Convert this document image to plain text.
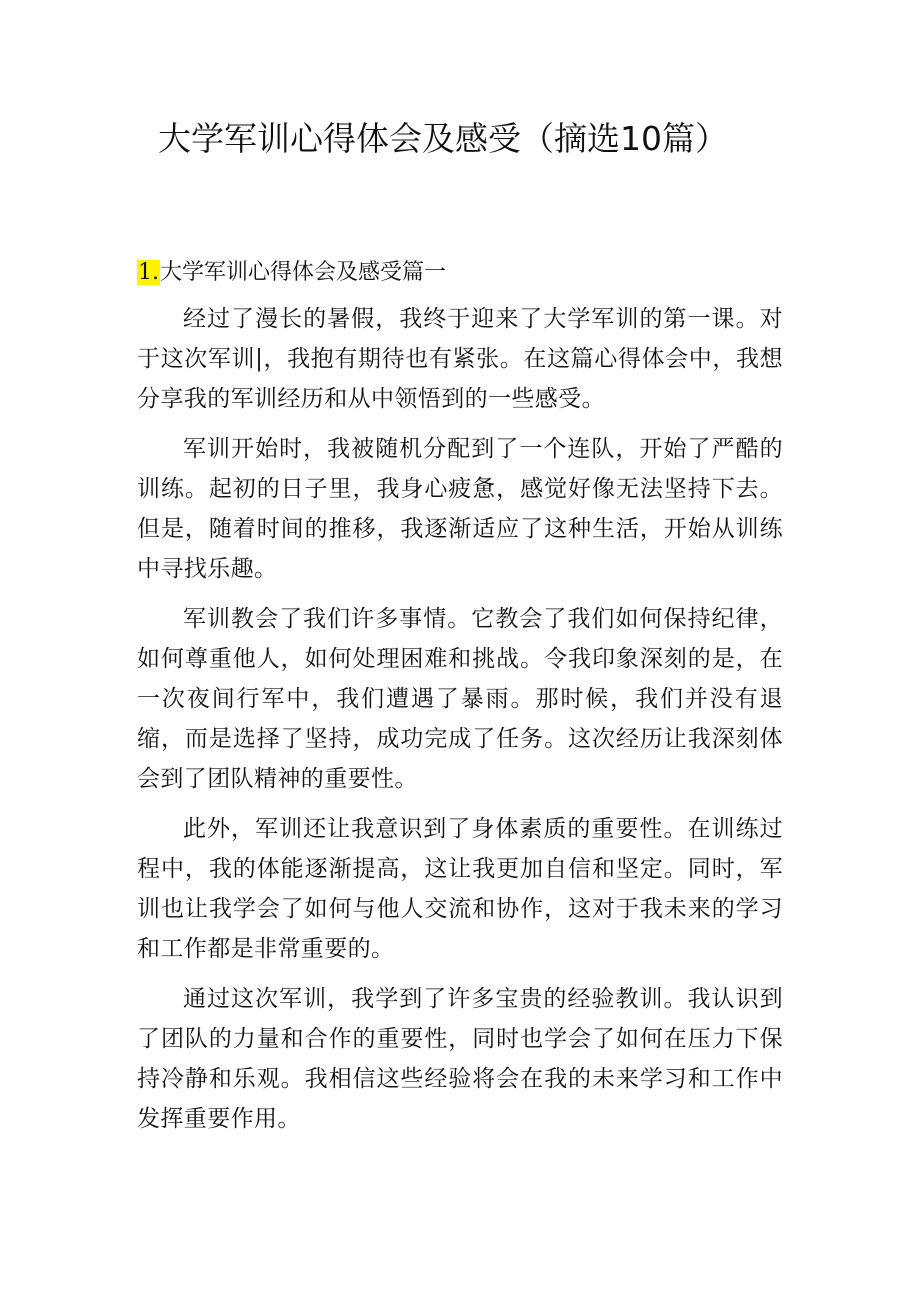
大学军训心得体会及感受（摘选10篇）
1.大学军训心得体会及感受篇一

经过了漫长的暑假，我终于迎来了大学军训的第一课。对于这次军训|，我抱有期待也有紧张。在这篇心得体会中，我想分享我的军训经历和从中领悟到的一些感受。

军训开始时，我被随机分配到了一个连队，开始了严酷的训练。起初的日子里，我身心疲惫，感觉好像无法坚持下去。但是，随着时间的推移，我逐渐适应了这种生活，开始从训练中寻找乐趣。

军训教会了我们许多事情。它教会了我们如何保持纪律，如何尊重他人，如何处理困难和挑战。令我印象深刻的是，在一次夜间行军中，我们遭遇了暴雨。那时候，我们并没有退缩，而是选择了坚持，成功完成了任务。这次经历让我深刻体会到了团队精神的重要性。

此外，军训还让我意识到了身体素质的重要性。在训练过程中，我的体能逐渐提高，这让我更加自信和坚定。同时，军训也让我学会了如何与他人交流和协作，这对于我未来的学习和工作都是非常重要的。

通过这次军训，我学到了许多宝贵的经验教训。我认识到了团队的力量和合作的重要性，同时也学会了如何在压力下保持冷静和乐观。我相信这些经验将会在我的未来学习和工作中发挥重要作用。
